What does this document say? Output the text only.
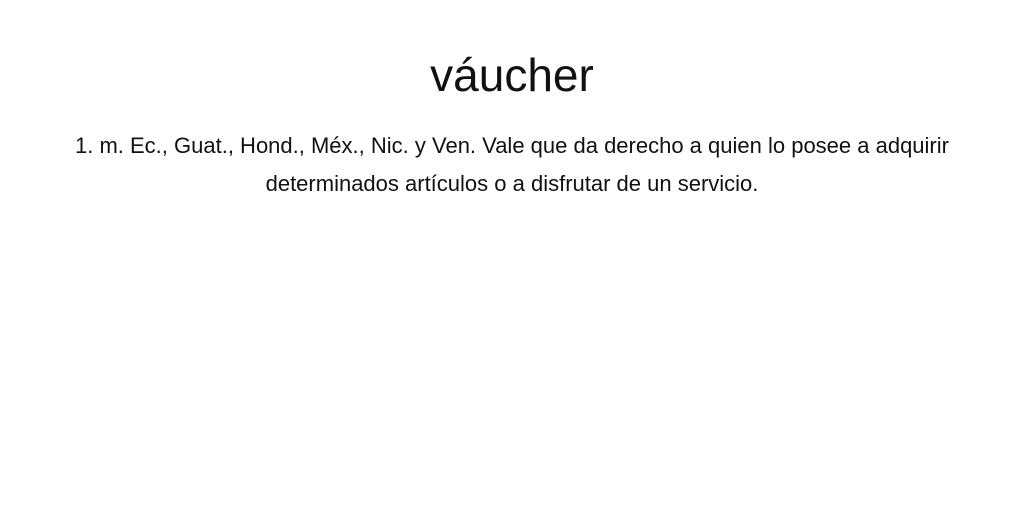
váucher

1. m. Ec., Guat., Hond., Méx., Nic. y Ven. Vale que da derecho a quien lo posee a adquirir determinados artículos o a disfrutar de un servicio.
